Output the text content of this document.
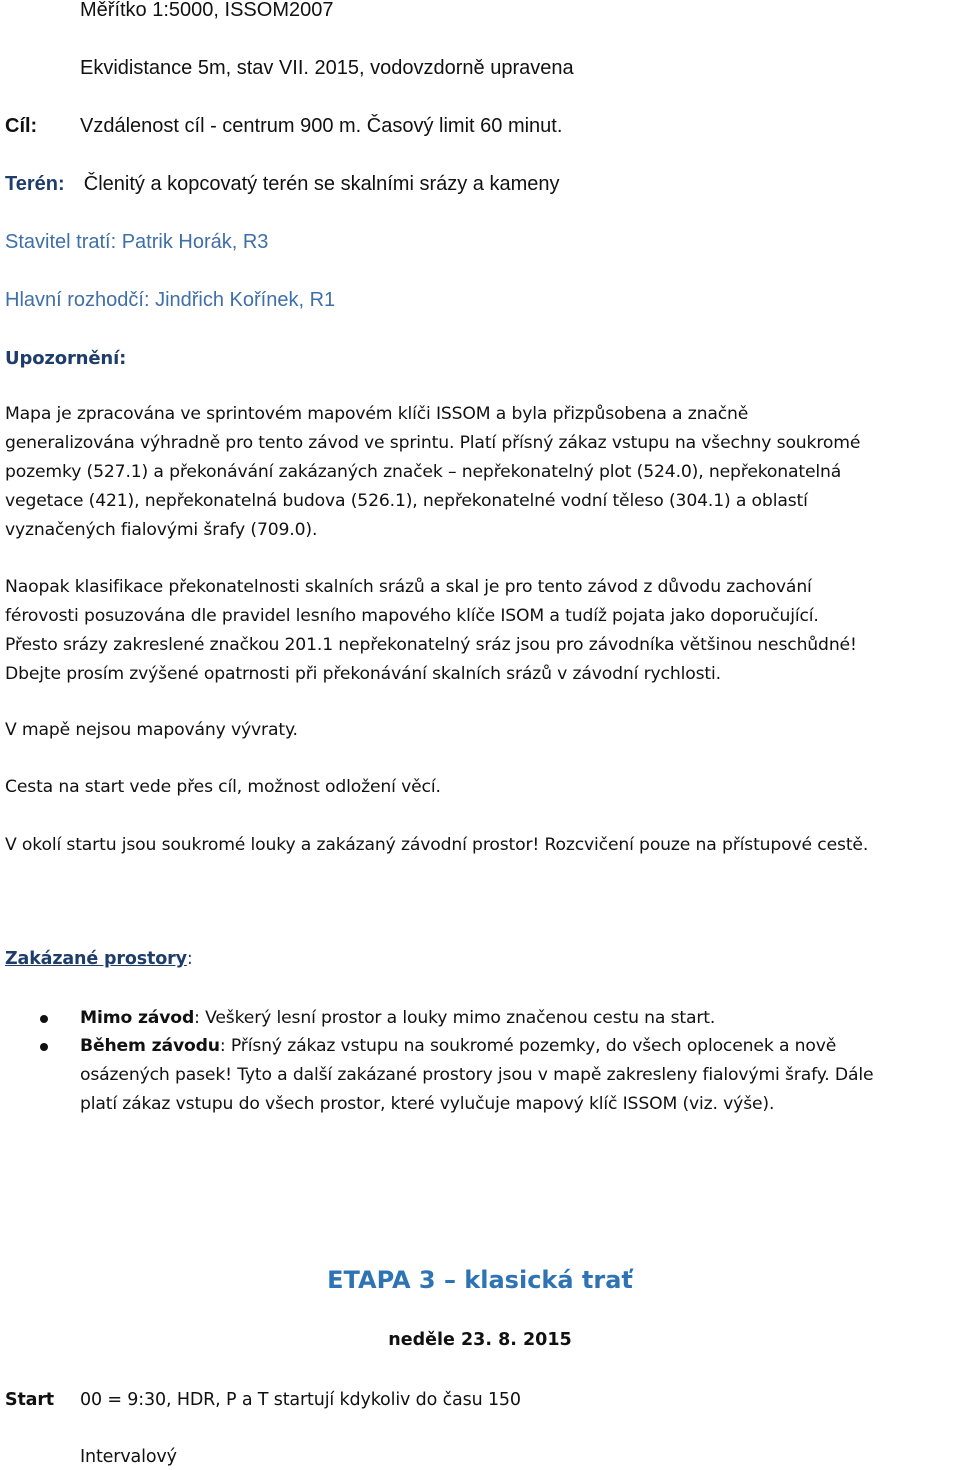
Měřítko 1:5000, ISSOM2007
Ekvidistance 5m, stav VII. 2015, vodovzdorně upravena
Cíl: Vzdálenost cíl - centrum 900 m. Časový limit 60 minut.
Terén: Členitý a kopcovatý terén se skalními srázy a kameny
Stavitel tratí: Patrik Horák, R3
Hlavní rozhodčí: Jindřich Kořínek, R1
Upozornění:
Mapa je zpracována ve sprintovém mapovém klíči ISSOM a byla přizpůsobena a značně
generalizována výhradně pro tento závod ve sprintu. Platí přísný zákaz vstupu na všechny soukromé
pozemky (527.1) a překonávání zakázaných značek – nepřekonatelný plot (524.0), nepřekonatelná
vegetace (421), nepřekonatelná budova (526.1), nepřekonatelné vodní těleso (304.1) a oblastí
vyznačených fialovými šrafy (709.0).
Naopak klasifikace překonatelnosti skalních srázů a skal je pro tento závod z důvodu zachování
férovosti posuzována dle pravidel lesního mapového klíče ISOM a tudíž pojata jako doporučující.
Přesto srázy zakreslené značkou 201.1 nepřekonatelný sráz jsou pro závodníka většinou neschůdné!
Dbejte prosím zvýšené opatrnosti při překonávání skalních srázů v závodní rychlosti.
V mapě nejsou mapovány vývraty.
Cesta na start vede přes cíl, možnost odložení věcí.
V okolí startu jsou soukromé louky a zakázaný závodní prostor! Rozcvičení pouze na přístupové cestě.
Zakázané prostory:
Mimo závod: Veškerý lesní prostor a louky mimo značenou cestu na start.
Během závodu: Přísný zákaz vstupu na soukromé pozemky, do všech oplocenek a nově
osázených pasek! Tyto a další zakázané prostory jsou v mapě zakresleny fialovými šrafy. Dále
platí zákaz vstupu do všech prostor, které vylučuje mapový klíč ISSOM (viz. výše).
ETAPA 3 – klasická trať
neděle 23. 8. 2015
Start 00 = 9:30, HDR, P a T startují kdykoliv do času 150
Intervalový
